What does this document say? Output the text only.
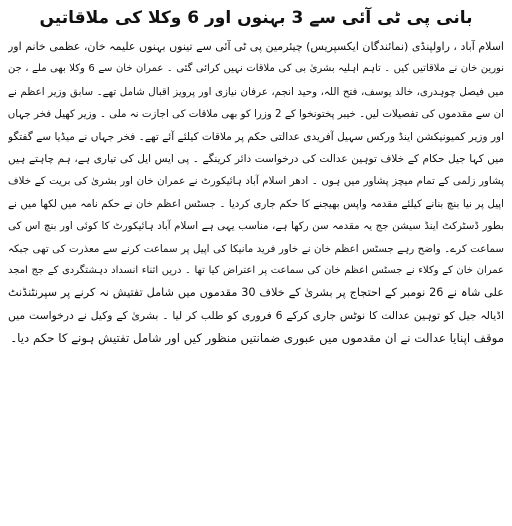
بانی پی ٹی آئی سے 3 بہنوں اور 6 وکلا کی ملاقاتیں
اسلام آباد ، راولپنڈی (نمائندگان ایکسپریس) چیئرمین پی ٹی آئی سے تینوں بہنوں علیمہ خان، عظمی خانم اور
نورین خان نے ملاقاتیں کیں ۔ تاہم اہلیہ بشریٰ بی کی ملاقات نہیں کرائی گئی ۔ عمران خان سے 6 وکلا بھی ملے ، جن
میں فیصل چوہدری، خالد یوسف، فتح اللہ، وحید انجم، عرفان نیازی اور پرویز اقبال شامل تھے۔ سابق وزیر اعظم نے
ان سے مقدموں کی تفصیلات لیں۔ خیبر پختونخوا کے 2 وزرا کو بھی ملاقات کی اجازت نہ ملی ۔ وزیر کھیل فخر جہاں
اور وزیر کمیونیکشن اینڈ ورکس سہیل آفریدی عدالتی حکم پر ملاقات کیلئے آئے تھے۔ فخر جہاں نے میڈیا سے گفتگو
میں کہا جیل حکام کے خلاف توہین عدالت کی درخواست دائر کرینگے ۔ پی ایس ایل کی تیاری ہے، ہم چاہتے ہیں
پشاور زلمی کے تمام میچز پشاور میں ہوں ۔ ادھر اسلام آباد ہائیکورٹ نے عمران خان اور بشریٰ کی بریت کے خلاف
اپیل پر نیا بنچ بنانے کیلئے مقدمہ واپس بھیجنے کا حکم جاری کردیا ۔ جسٹس اعظم خان نے حکم نامہ میں لکھا میں نے
بطور ڈسٹرکٹ اینڈ سیشن جج یہ مقدمہ سن رکھا ہے، مناسب یہی ہے اسلام آباد ہائیکورٹ کا کوئی اور بنچ اس کی
سماعت کرے۔ واضح رہے جسٹس اعظم خان نے خاور فرید مانیکا کی اپیل پر سماعت کرنے سے معذرت کی تھی جبکہ
عمران خان کے وکلاء نے جسٹس اعظم خان کی سماعت پر اعتراض کیا تھا ۔ دریں اثناء انسداد دہشتگردی کے جج امجد
علی شاہ نے 26 نومبر کے احتجاج پر بشریٰ کے خلاف 30 مقدموں میں شامل تفتیش نہ کرنے پر سپرنٹنڈنٹ
اڈیالہ جیل کو توہین عدالت کا نوٹس جاری کرکے 6 فروری کو طلب کر لیا ۔ بشریٰ کے وکیل نے درخواست میں
موقف اپنایا عدالت نے ان مقدموں میں عبوری ضمانتیں منظور کیں اور شامل تفتیش ہونے کا حکم دیا۔
